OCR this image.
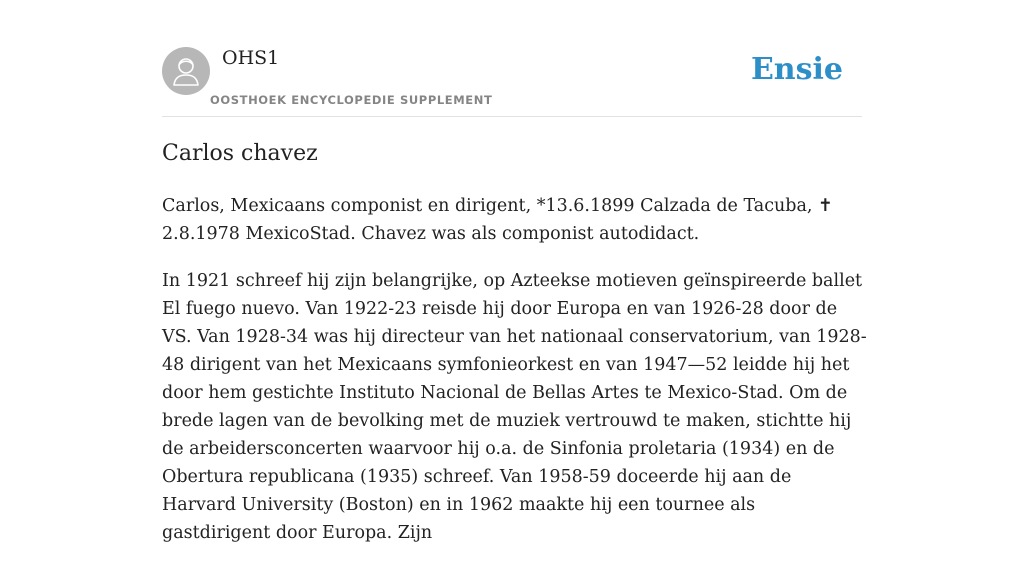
OHS1
OOSTHOEK ENCYCLOPEDIE SUPPLEMENT
Ensie
Carlos chavez

Carlos, Mexicaans componist en dirigent, *13.6.1899 Calzada de Tacuba, ✝ 2.8.1978 MexicoStad. Chavez was als componist autodidact.

In 1921 schreef hij zijn belangrijke, op Azteekse motieven geïnspireerde ballet El fuego nuevo. Van 1922-23 reisde hij door Europa en van 1926-28 door de VS. Van 1928-34 was hij directeur van het nationaal conservatorium, van 1928-48 dirigent van het Mexicaans symfonieorkest en van 1947—52 leidde hij het door hem gestichte Instituto Nacional de Bellas Artes te Mexico-Stad. Om de brede lagen van de bevolking met de muziek vertrouwd te maken, stichtte hij de arbeidersconcerten waarvoor hij o.a. de Sinfonia proletaria (1934) en de Obertura republicana (1935) schreef. Van 1958-59 doceerde hij aan de Harvard University (Boston) en in 1962 maakte hij een tournee als gastdirigent door Europa. Zijn
